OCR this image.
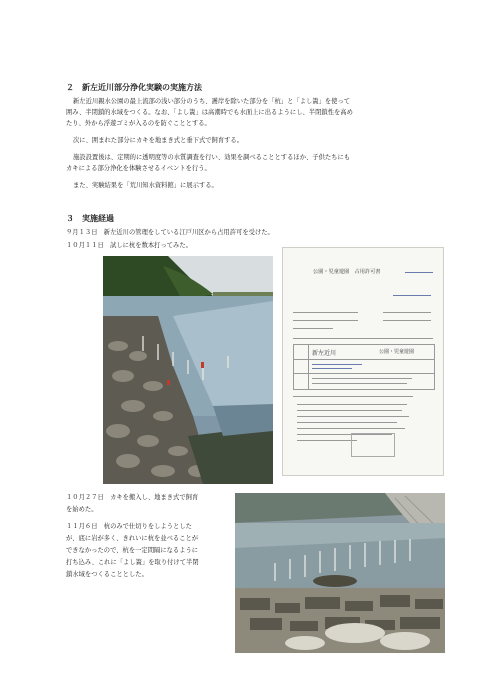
２　新左近川部分浄化実験の実施方法
新左近川親水公園の最上流部の浅い部分のうち、護岸を除いた部分を「杭」と「よし簀」を使って
囲み、半閉鎖的水域をつくる。なお、「よし簀」は高潮時でも水面上に出るようにし、半閉鎖性を高め
たり、外から浮遊ゴミが入るのを防ぐこととする。
次に、囲まれた部分にカキを地まき式と垂下式で飼育する。
施設設置後は、定期的に透明度等の水質調査を行い、効果を調べることとするほか、子供たちにも
カキによる部分浄化を体験させるイベントを行う。
また、実験結果を「荒川知水資料館」に展示する。
３　実施経過
９月１３日　新左近川の管理をしている江戸川区から占用許可を受けた。
１０月１１日　試しに杭を数本打ってみた。
公園・児童遊園　占用許可書
新左近川	公園・児童遊園
１０月２７日　カキを搬入し、地まき式で飼育
を始めた。
１１月６日　杭のみで仕切りをしようとした
が、底に岩が多く、きれいに杭を並べることが
できなかったので、杭を一定間隔になるように
打ち込み、これに「よし簀」を取り付けて半閉
鎖水域をつくることとした。
